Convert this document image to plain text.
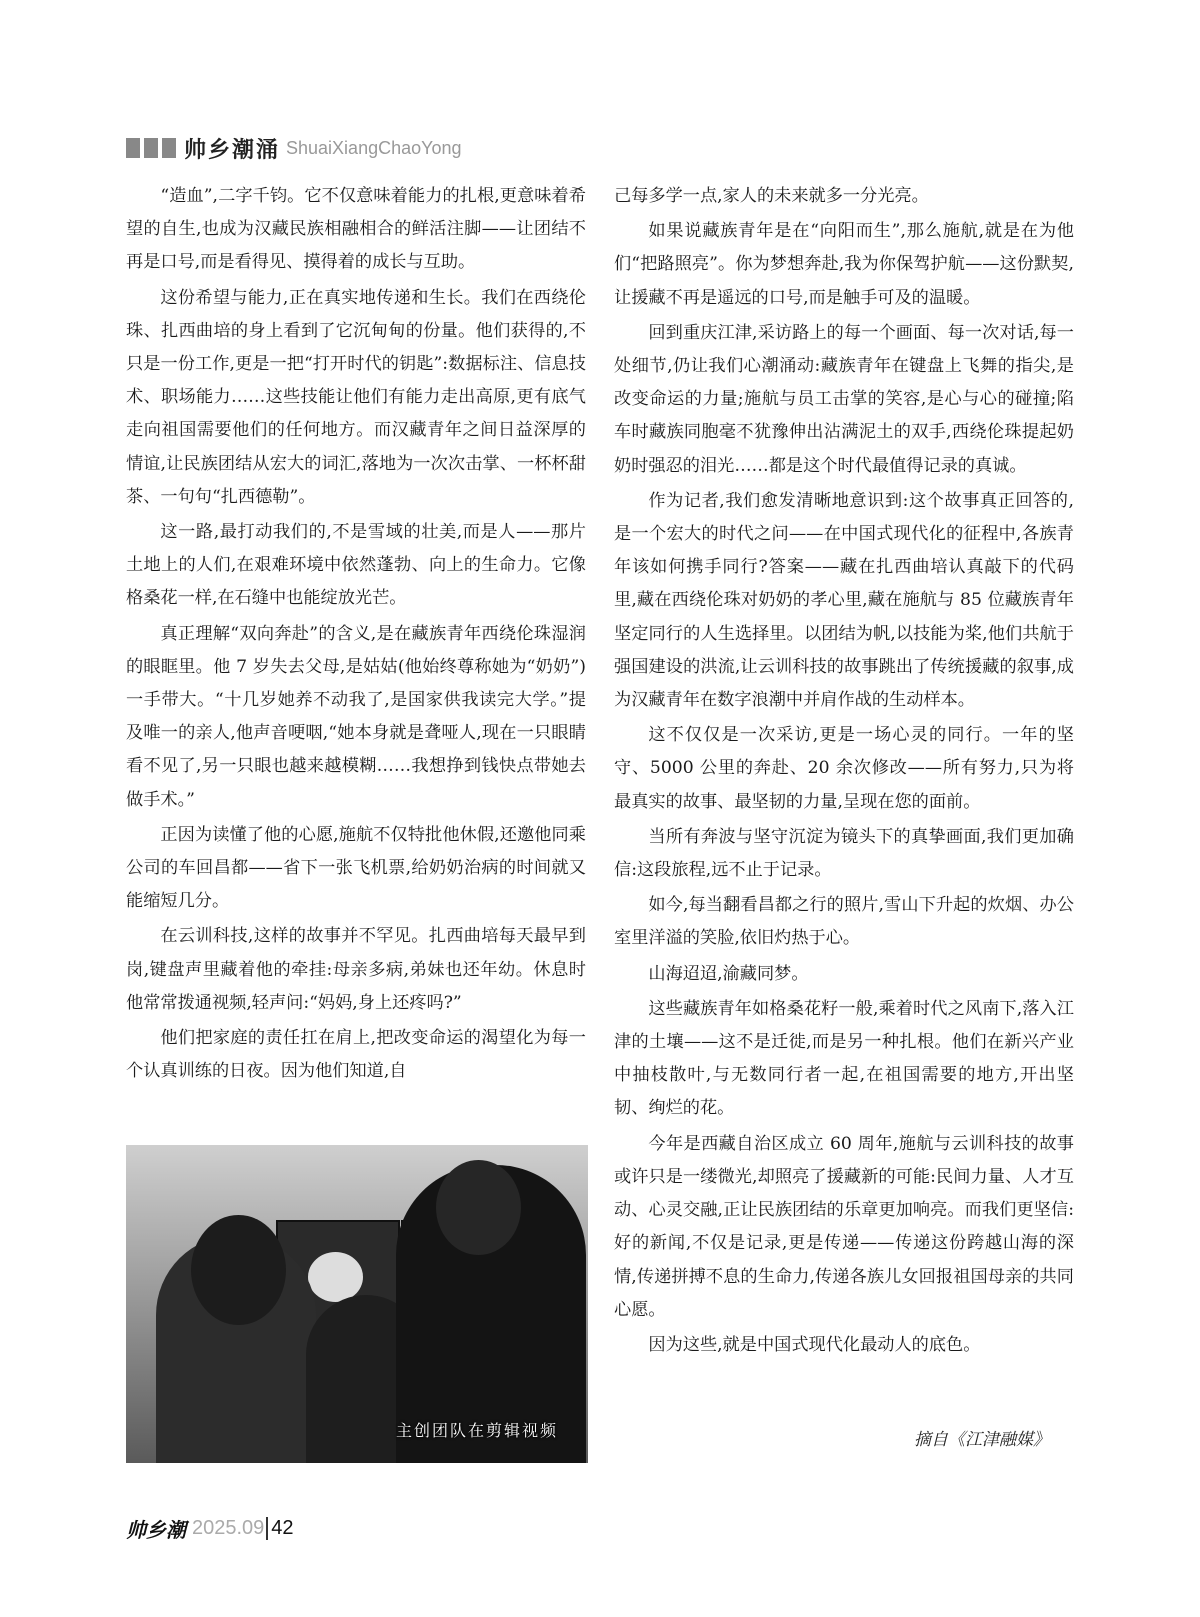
帅乡潮涌 ShuaiXiangChaoYong

“造血”,二字千钧。它不仅意味着能力的扎根,更意味着希望的自生,也成为汉藏民族相融相合的鲜活注脚——让团结不再是口号,而是看得见、摸得着的成长与互助。

这份希望与能力,正在真实地传递和生长。我们在西绕伦珠、扎西曲培的身上看到了它沉甸甸的份量。他们获得的,不只是一份工作,更是一把“打开时代的钥匙”:数据标注、信息技术、职场能力……这些技能让他们有能力走出高原,更有底气走向祖国需要他们的任何地方。而汉藏青年之间日益深厚的情谊,让民族团结从宏大的词汇,落地为一次次击掌、一杯杯甜茶、一句句“扎西德勒”。

这一路,最打动我们的,不是雪域的壮美,而是人——那片土地上的人们,在艰难环境中依然蓬勃、向上的生命力。它像格桑花一样,在石缝中也能绽放光芒。

真正理解“双向奔赴”的含义,是在藏族青年西绕伦珠湿润的眼眶里。他 7 岁失去父母,是姑姑(他始终尊称她为“奶奶”)一手带大。“十几岁她养不动我了,是国家供我读完大学。”提及唯一的亲人,他声音哽咽,“她本身就是聋哑人,现在一只眼睛看不见了,另一只眼也越来越模糊……我想挣到钱快点带她去做手术。”

正因为读懂了他的心愿,施航不仅特批他休假,还邀他同乘公司的车回昌都——省下一张飞机票,给奶奶治病的时间就又能缩短几分。

在云训科技,这样的故事并不罕见。扎西曲培每天最早到岗,键盘声里藏着他的牵挂:母亲多病,弟妹也还年幼。休息时他常常拨通视频,轻声问:“妈妈,身上还疼吗?”

他们把家庭的责任扛在肩上,把改变命运的渴望化为每一个认真训练的日夜。因为他们知道,自

主创团队在剪辑视频

己每多学一点,家人的未来就多一分光亮。

如果说藏族青年是在“向阳而生”,那么施航,就是在为他们“把路照亮”。你为梦想奔赴,我为你保驾护航——这份默契,让援藏不再是遥远的口号,而是触手可及的温暖。

回到重庆江津,采访路上的每一个画面、每一次对话,每一处细节,仍让我们心潮涌动:藏族青年在键盘上飞舞的指尖,是改变命运的力量;施航与员工击掌的笑容,是心与心的碰撞;陷车时藏族同胞毫不犹豫伸出沾满泥土的双手,西绕伦珠提起奶奶时强忍的泪光……都是这个时代最值得记录的真诚。

作为记者,我们愈发清晰地意识到:这个故事真正回答的,是一个宏大的时代之问——在中国式现代化的征程中,各族青年该如何携手同行?答案——藏在扎西曲培认真敲下的代码里,藏在西绕伦珠对奶奶的孝心里,藏在施航与 85 位藏族青年坚定同行的人生选择里。以团结为帆,以技能为桨,他们共航于强国建设的洪流,让云训科技的故事跳出了传统援藏的叙事,成为汉藏青年在数字浪潮中并肩作战的生动样本。

这不仅仅是一次采访,更是一场心灵的同行。一年的坚守、5000 公里的奔赴、20 余次修改——所有努力,只为将最真实的故事、最坚韧的力量,呈现在您的面前。

当所有奔波与坚守沉淀为镜头下的真挚画面,我们更加确信:这段旅程,远不止于记录。

如今,每当翻看昌都之行的照片,雪山下升起的炊烟、办公室里洋溢的笑脸,依旧灼热于心。

山海迢迢,渝藏同梦。

这些藏族青年如格桑花籽一般,乘着时代之风南下,落入江津的土壤——这不是迁徙,而是另一种扎根。他们在新兴产业中抽枝散叶,与无数同行者一起,在祖国需要的地方,开出坚韧、绚烂的花。

今年是西藏自治区成立 60 周年,施航与云训科技的故事或许只是一缕微光,却照亮了援藏新的可能:民间力量、人才互动、心灵交融,正让民族团结的乐章更加响亮。而我们更坚信:好的新闻,不仅是记录,更是传递——传递这份跨越山海的深情,传递拼搏不息的生命力,传递各族儿女回报祖国母亲的共同心愿。

因为这些,就是中国式现代化最动人的底色。

摘自《江津融媒》
帅乡潮 2025.09 42
